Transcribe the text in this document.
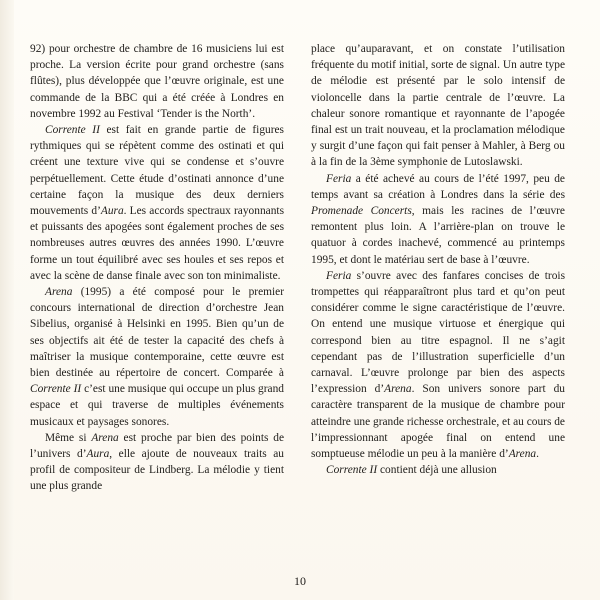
92) pour orchestre de chambre de 16 musiciens lui est proche. La version écrite pour grand orchestre (sans flûtes), plus développée que l’œuvre originale, est une commande de la BBC qui a été créée à Londres en novembre 1992 au Festival ‘Tender is the North’.

Corrente II est fait en grande partie de figures rythmiques qui se répètent comme des ostinati et qui créent une texture vive qui se condense et s’ouvre perpétuellement. Cette étude d’ostinati annonce d’une certaine façon la musique des deux derniers mouvements d’Aura. Les accords spectraux rayonnants et puissants des apogées sont également proches de ses nombreuses autres œuvres des années 1990. L’œuvre forme un tout équilibré avec ses houles et ses repos et avec la scène de danse finale avec son ton minimaliste.

Arena (1995) a été composé pour le premier concours international de direction d’orchestre Jean Sibelius, organisé à Helsinki en 1995. Bien qu’un de ses objectifs ait été de tester la capacité des chefs à maîtriser la musique contemporaine, cette œuvre est bien destinée au répertoire de concert. Comparée à Corrente II c’est une musique qui occupe un plus grand espace et qui traverse de multiples événements musicaux et paysages sonores.

Même si Arena est proche par bien des points de l’univers d’Aura, elle ajoute de nouveaux traits au profil de compositeur de Lindberg. La mélodie y tient une plus grande

place qu’auparavant, et on constate l’utilisation fréquente du motif initial, sorte de signal. Un autre type de mélodie est présenté par le solo intensif de violoncelle dans la partie centrale de l’œuvre. La chaleur sonore romantique et rayonnante de l’apogée final est un trait nouveau, et la proclamation mélodique y surgit d’une façon qui fait penser à Mahler, à Berg ou à la fin de la 3ème symphonie de Lutoslawski.

Feria a été achevé au cours de l’été 1997, peu de temps avant sa création à Londres dans la série des Promenade Concerts, mais les racines de l’œuvre remontent plus loin. A l’arrière-plan on trouve le quatuor à cordes inachevé, commencé au printemps 1995, et dont le matériau sert de base à l’œuvre.

Feria s’ouvre avec des fanfares concises de trois trompettes qui réapparaîtront plus tard et qu’on peut considérer comme le signe caractéristique de l’œuvre. On entend une musique virtuose et énergique qui correspond bien au titre espagnol. Il ne s’agit cependant pas de l’illustration superficielle d’un carnaval. L’œuvre prolonge par bien des aspects l’expression d’Arena. Son univers sonore part du caractère transparent de la musique de chambre pour atteindre une grande richesse orchestrale, et au cours de l’impressionnant apogée final on entend une somptueuse mélodie un peu à la manière d’Arena.

Corrente II contient déjà une allusion

10
